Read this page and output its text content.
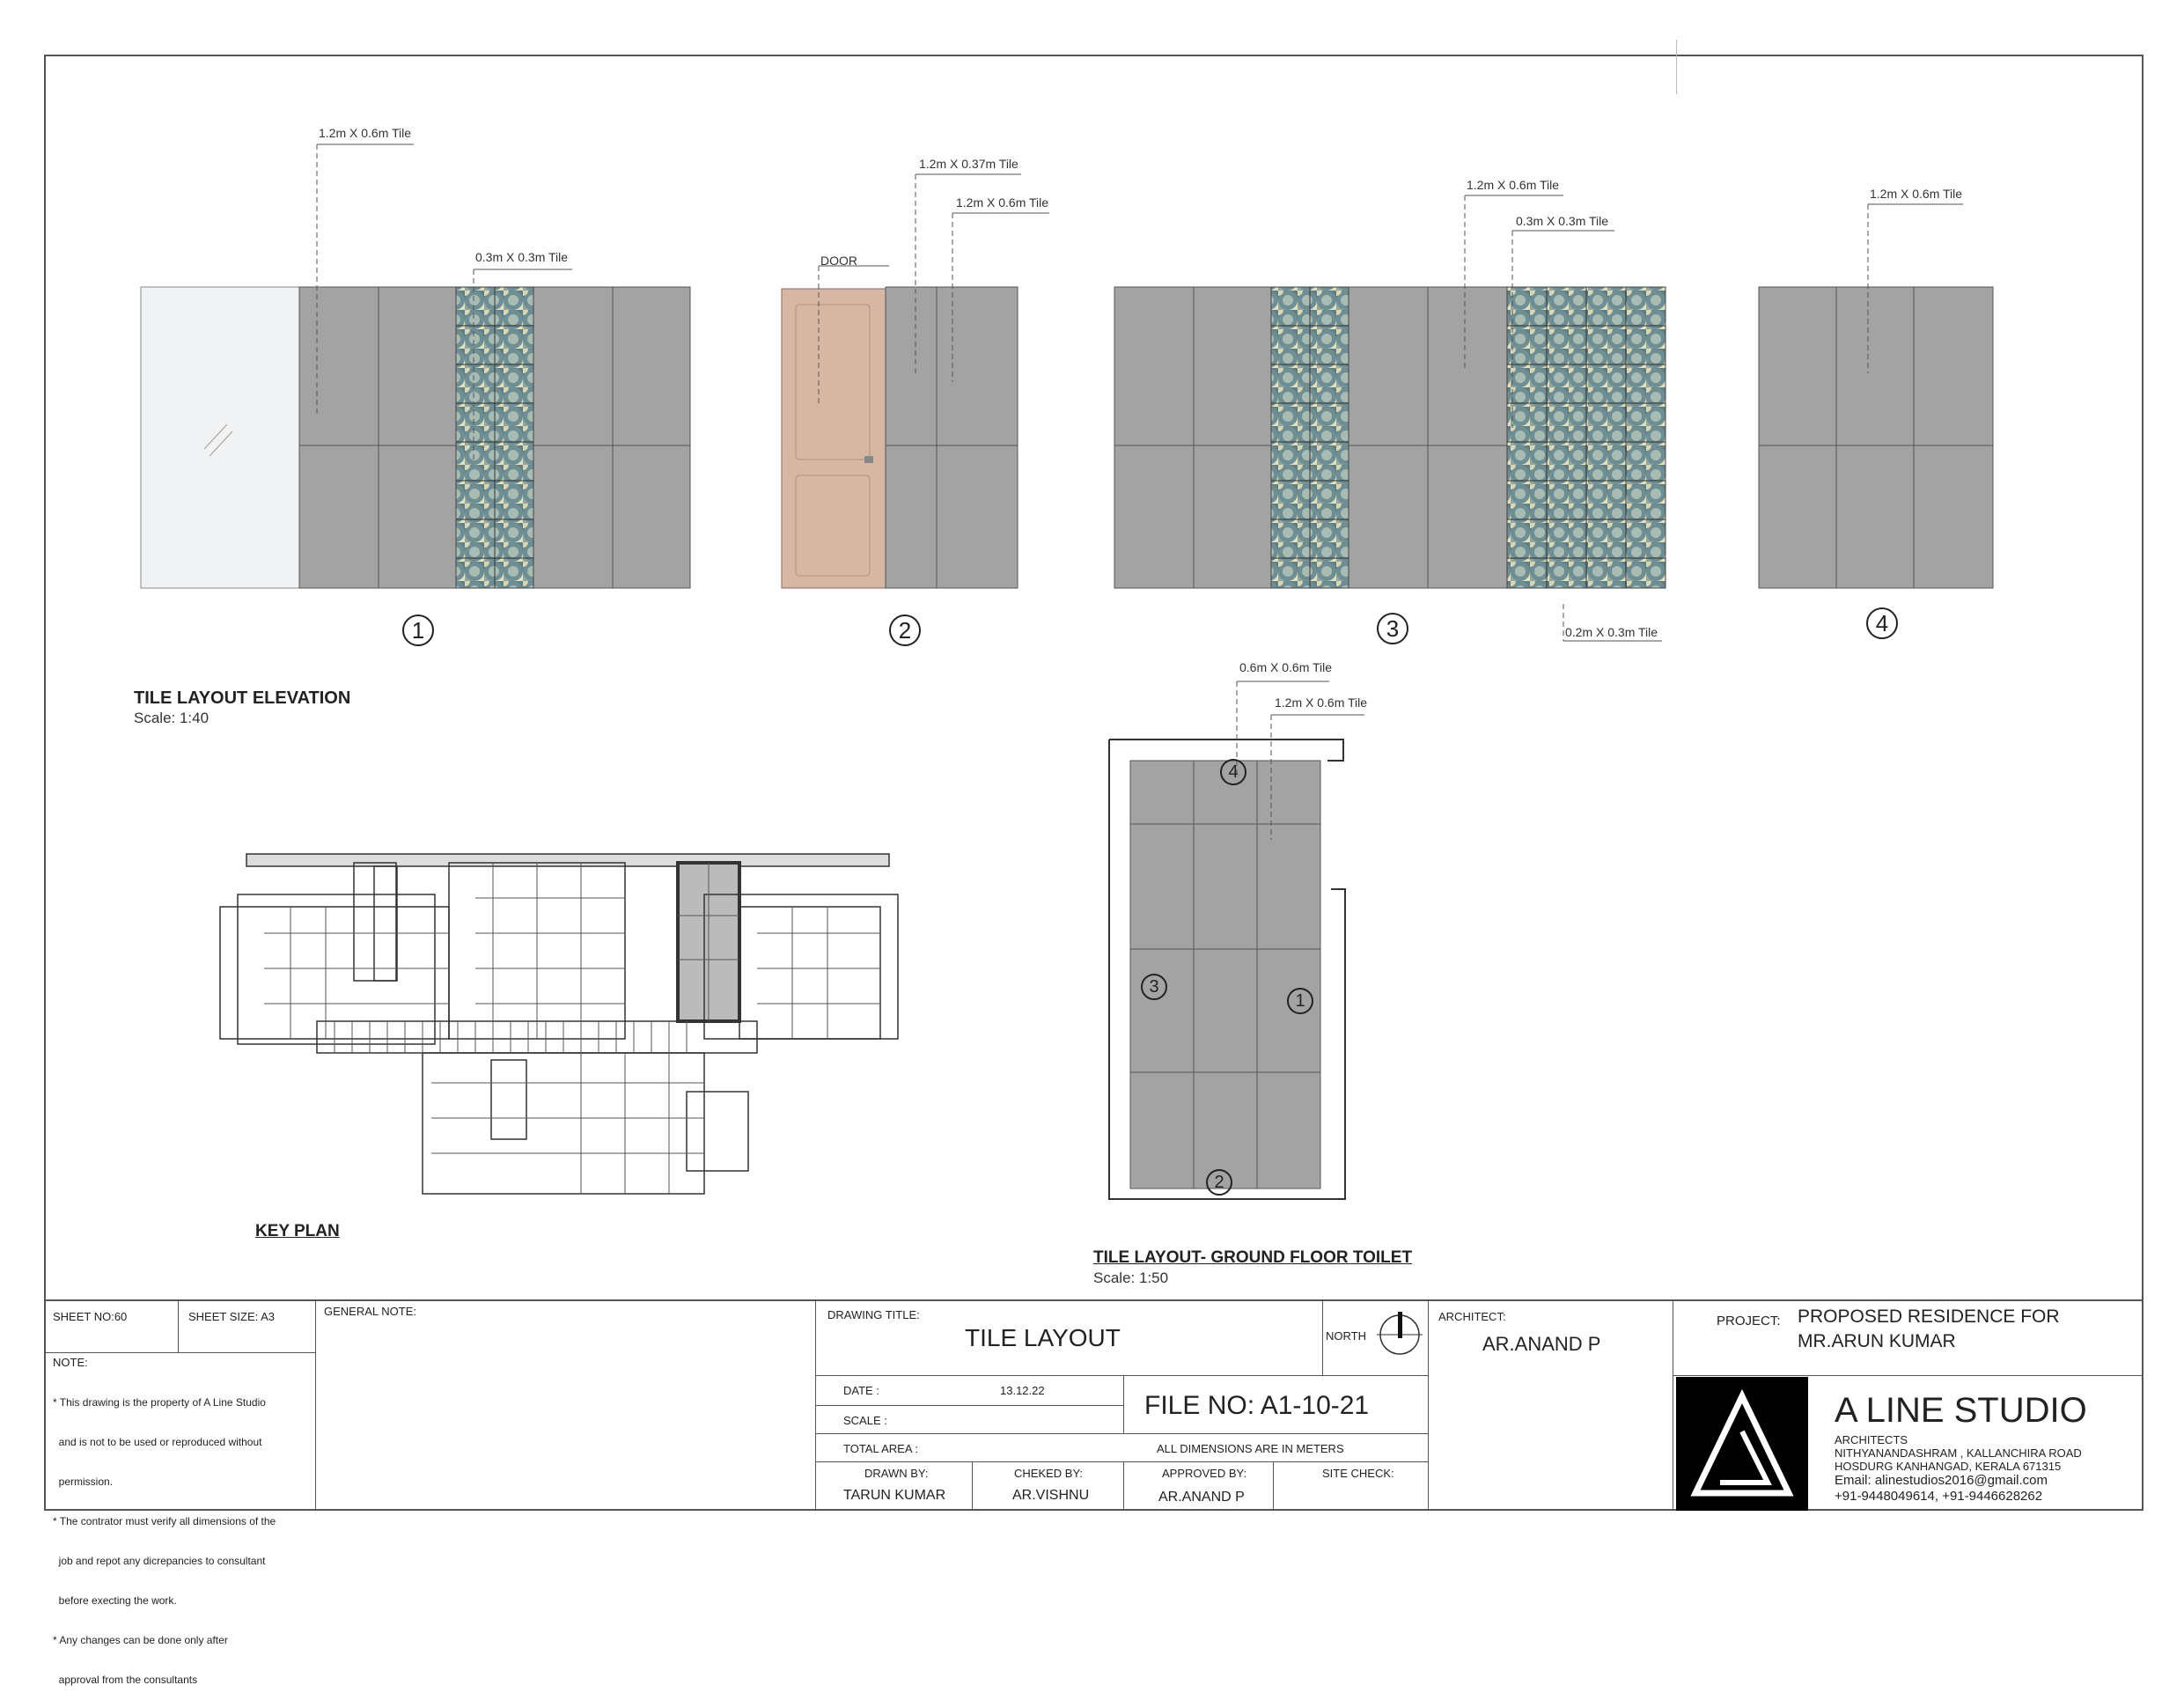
1.2m X 0.6m Tile
0.3m X 0.3m Tile	DOOR
1.2m X 0.37m Tile
1.2m X 0.6m Tile
1.2m X 0.6m Tile
0.3m X 0.3m Tile
0.2m X 0.3m Tile
1.2m X 0.6m Tile
1	2	3	4
TILE LAYOUT ELEVATION
Scale: 1:40
KEY PLAN
0.6m X 0.6m Tile
1.2m X 0.6m Tile
4
3
1
2
TILE LAYOUT- GROUND FLOOR TOILET
Scale: 1:50
SHEET NO:60	SHEET SIZE: A3	GENERAL NOTE:
NOTE:

* This drawing is the property of A Line Studio

and is not to be used or reproduced without

permission.

* The contrator must verify all dimensions of the

job and repot any dicrepancies to consultant

before execting the work.

* Any changes can be done only after

approval from the consultants

DRAWING TITLE:
TILE LAYOUT	NORTH
DATE :	13.12.22
SCALE :
TOTAL AREA :
FILE NO: A1-10-21
ALL DIMENSIONS ARE IN METERS
DRAWN BY:
TARUN KUMAR
CHEKED BY:
AR.VISHNU
APPROVED BY:
AR.ANAND P
SITE CHECK:
ARCHITECT:
AR.ANAND P
PROJECT: PROPOSED RESIDENCE FOR
MR.ARUN KUMAR
A LINE STUDIO
ARCHITECTS
NITHYANANDASHRAM , KALLANCHIRA ROAD
HOSDURG KANHANGAD, KERALA 671315
Email: alinestudios2016@gmail.com
+91-9448049614, +91-9446628262
